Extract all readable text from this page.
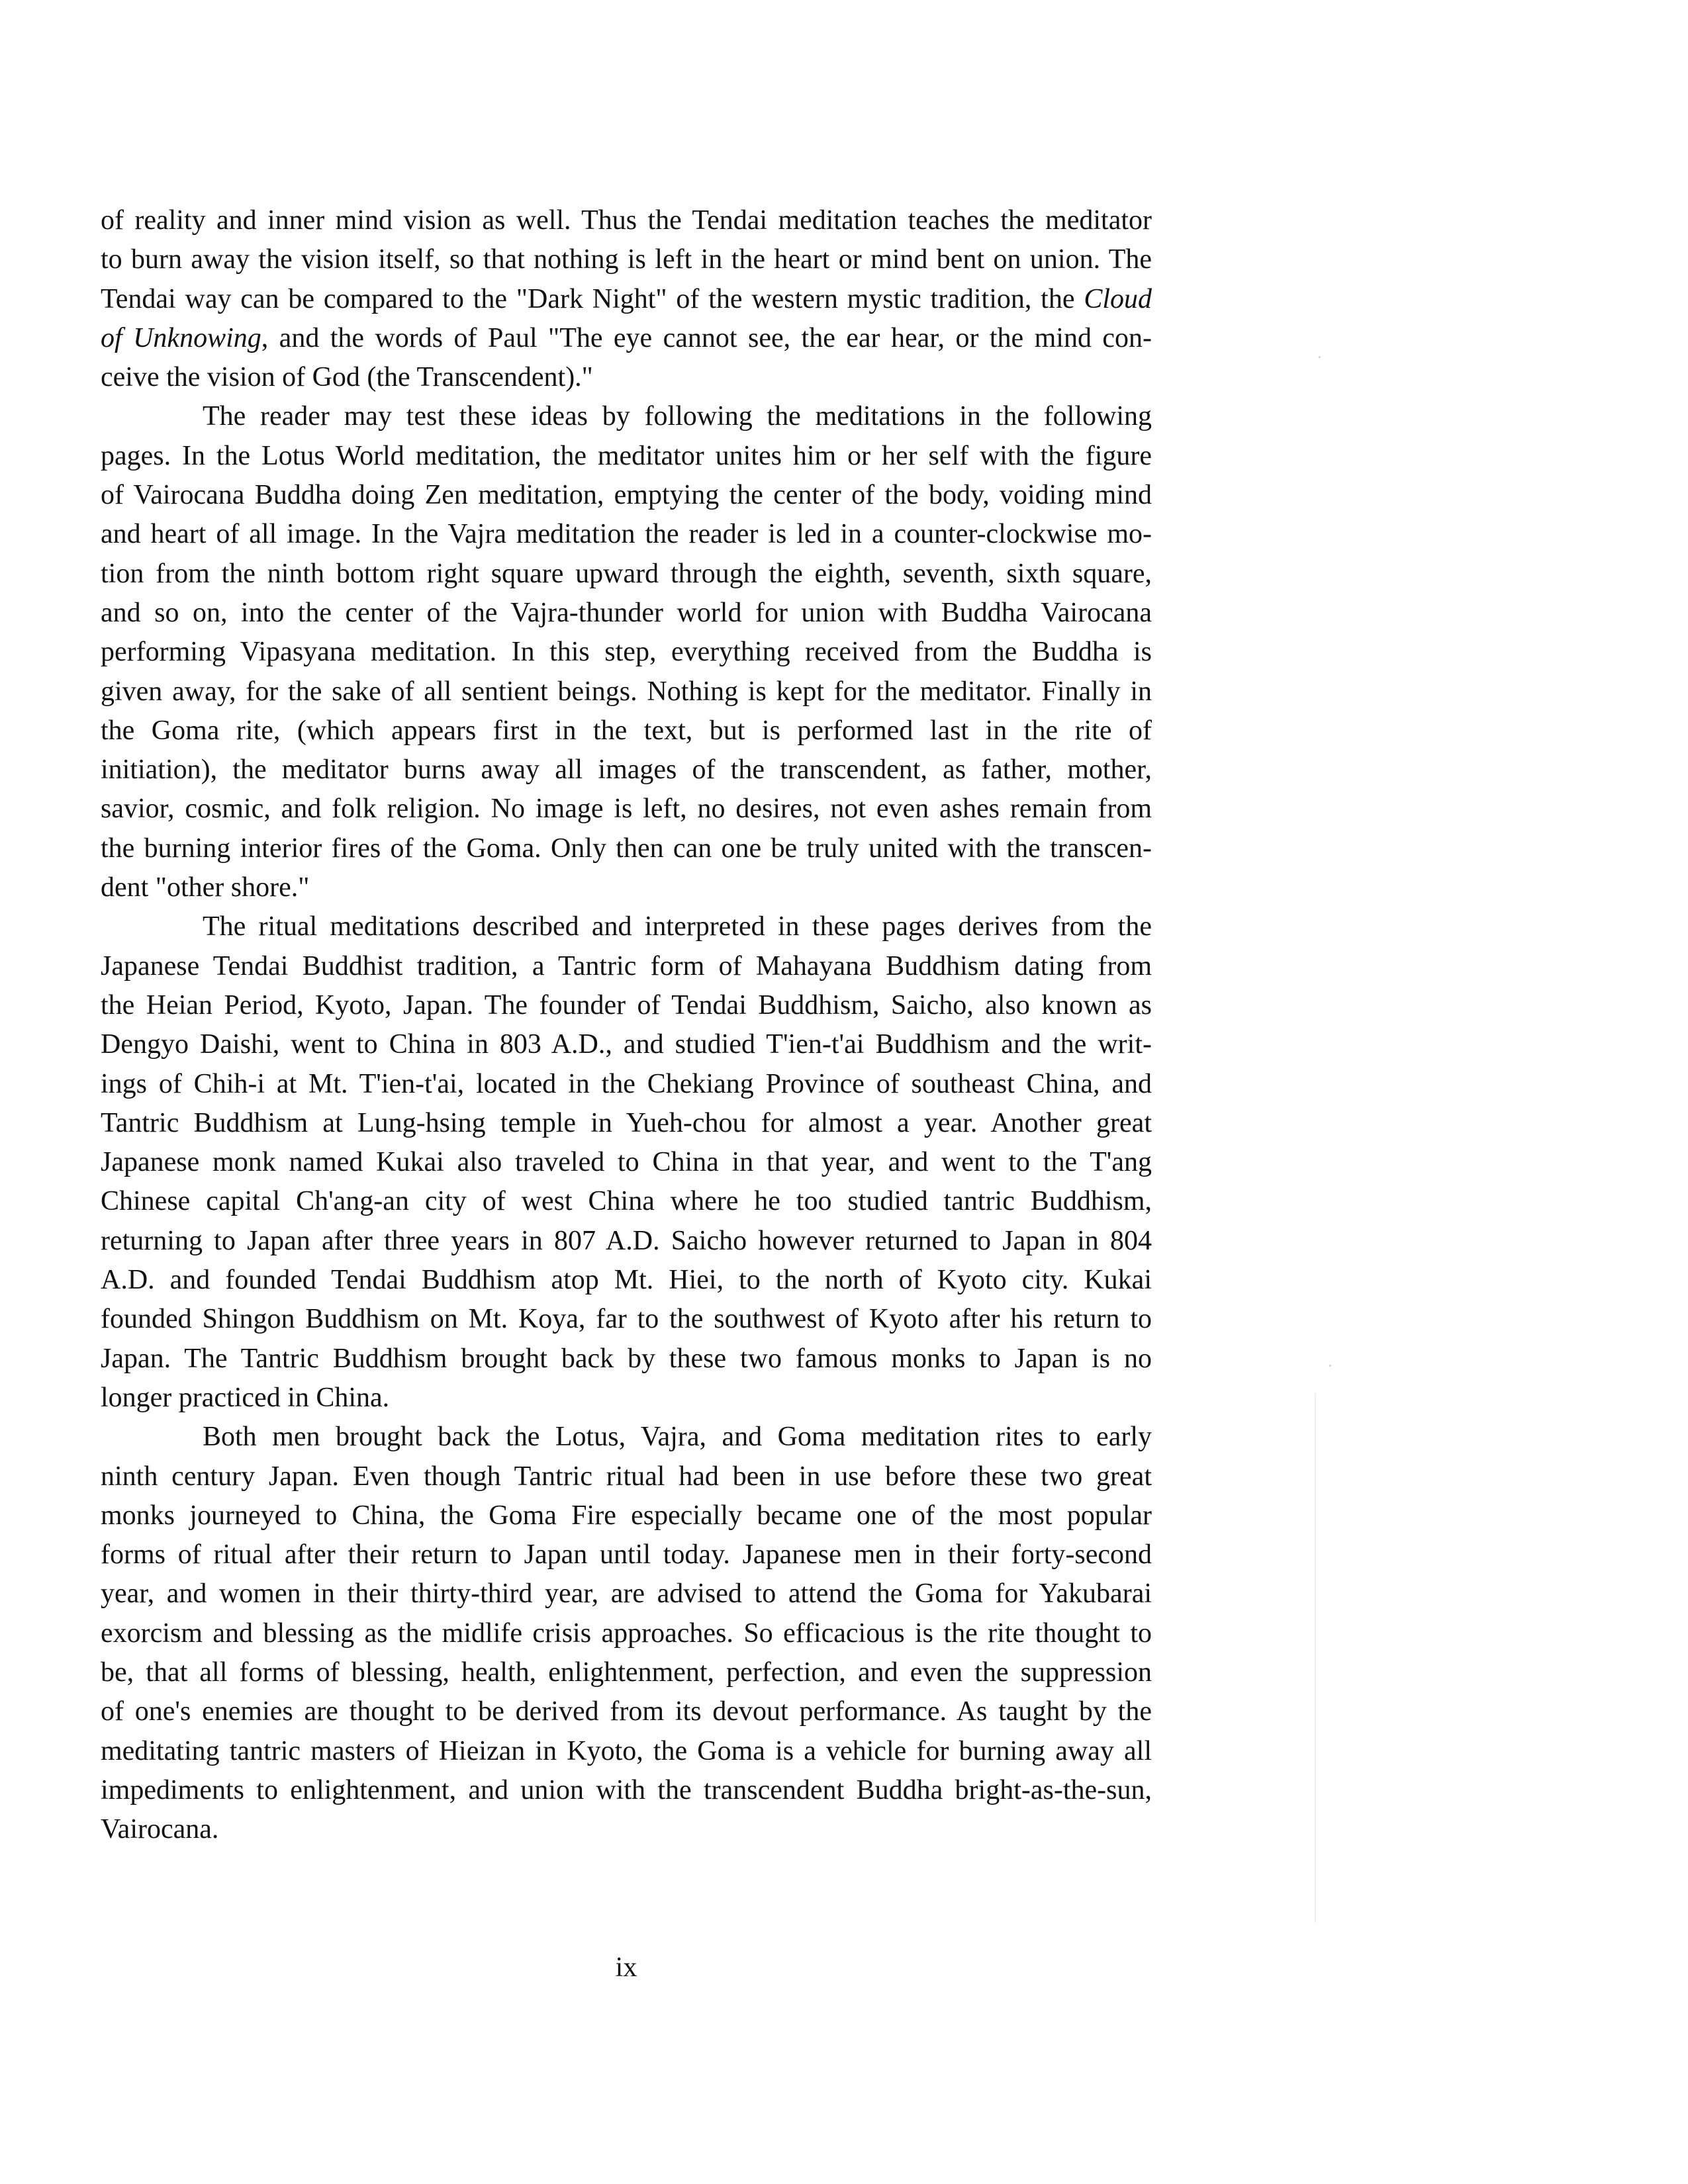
of reality and inner mind vision as well. Thus the Tendai meditation teaches the meditator
to burn away the vision itself, so that nothing is left in the heart or mind bent on union. The
Tendai way can be compared to the "Dark Night" of the western mystic tradition, the Cloud
of Unknowing, and the words of Paul "The eye cannot see, the ear hear, or the mind con-
ceive the vision of God (the Transcendent)."
The reader may test these ideas by following the meditations in the following
pages. In the Lotus World meditation, the meditator unites him or her self with the figure
of Vairocana Buddha doing Zen meditation, emptying the center of the body, voiding mind
and heart of all image. In the Vajra meditation the reader is led in a counter-clockwise mo-
tion from the ninth bottom right square upward through the eighth, seventh, sixth square,
and so on, into the center of the Vajra-thunder world for union with Buddha Vairocana
performing Vipasyana meditation. In this step, everything received from the Buddha is
given away, for the sake of all sentient beings. Nothing is kept for the meditator. Finally in
the Goma rite, (which appears first in the text, but is performed last in the rite of
initiation), the meditator burns away all images of the transcendent, as father, mother,
savior, cosmic, and folk religion. No image is left, no desires, not even ashes remain from
the burning interior fires of the Goma. Only then can one be truly united with the transcen-
dent "other shore."
The ritual meditations described and interpreted in these pages derives from the
Japanese Tendai Buddhist tradition, a Tantric form of Mahayana Buddhism dating from
the Heian Period, Kyoto, Japan. The founder of Tendai Buddhism, Saicho, also known as
Dengyo Daishi, went to China in 803 A.D., and studied T'ien-t'ai Buddhism and the writ-
ings of Chih-i at Mt. T'ien-t'ai, located in the Chekiang Province of southeast China, and
Tantric Buddhism at Lung-hsing temple in Yueh-chou for almost a year. Another great
Japanese monk named Kukai also traveled to China in that year, and went to the T'ang
Chinese capital Ch'ang-an city of west China where he too studied tantric Buddhism,
returning to Japan after three years in 807 A.D. Saicho however returned to Japan in 804
A.D. and founded Tendai Buddhism atop Mt. Hiei, to the north of Kyoto city. Kukai
founded Shingon Buddhism on Mt. Koya, far to the southwest of Kyoto after his return to
Japan. The Tantric Buddhism brought back by these two famous monks to Japan is no
longer practiced in China.
Both men brought back the Lotus, Vajra, and Goma meditation rites to early
ninth century Japan. Even though Tantric ritual had been in use before these two great
monks journeyed to China, the Goma Fire especially became one of the most popular
forms of ritual after their return to Japan until today. Japanese men in their forty-second
year, and women in their thirty-third year, are advised to attend the Goma for Yakubarai
exorcism and blessing as the midlife crisis approaches. So efficacious is the rite thought to
be, that all forms of blessing, health, enlightenment, perfection, and even the suppression
of one's enemies are thought to be derived from its devout performance. As taught by the
meditating tantric masters of Hieizan in Kyoto, the Goma is a vehicle for burning away all
impediments to enlightenment, and union with the transcendent Buddha bright-as-the-sun,
Vairocana.
ix
